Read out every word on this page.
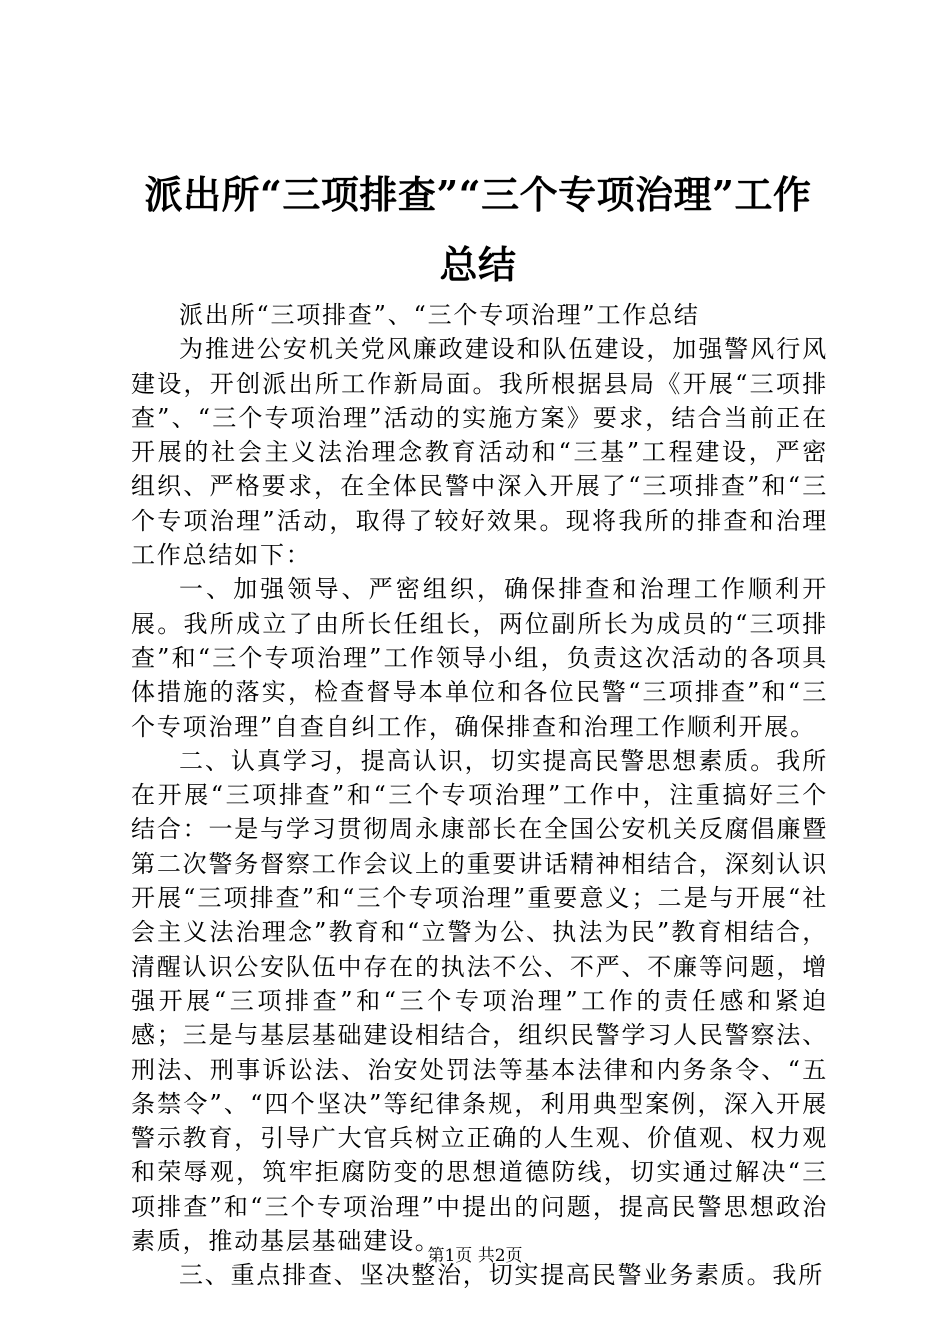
派出所“三项排查”“三个专项治理”工作总结

派出所“三项排查”、“三个专项治理”工作总结

为推进公安机关党风廉政建设和队伍建设，加强警风行风建设，开创派出所工作新局面。我所根据县局《开展“三项排查”、“三个专项治理”活动的实施方案》要求，结合当前正在开展的社会主义法治理念教育活动和“三基”工程建设，严密组织、严格要求，在全体民警中深入开展了“三项排查”和“三个专项治理”活动，取得了较好效果。现将我所的排查和治理工作总结如下：

一、加强领导、严密组织，确保排查和治理工作顺利开展。我所成立了由所长任组长，两位副所长为成员的“三项排查”和“三个专项治理”工作领导小组，负责这次活动的各项具体措施的落实，检查督导本单位和各位民警“三项排查”和“三个专项治理”自查自纠工作，确保排查和治理工作顺利开展。

二、认真学习，提高认识，切实提高民警思想素质。我所在开展“三项排查”和“三个专项治理”工作中，注重搞好三个结合：一是与学习贯彻周永康部长在全国公安机关反腐倡廉暨第二次警务督察工作会议上的重要讲话精神相结合，深刻认识开展“三项排查”和“三个专项治理”重要意义；二是与开展“社会主义法治理念”教育和“立警为公、执法为民”教育相结合，清醒认识公安队伍中存在的执法不公、不严、不廉等问题，增强开展“三项排查”和“三个专项治理”工作的责任感和紧迫感；三是与基层基础建设相结合，组织民警学习人民警察法、刑法、刑事诉讼法、治安处罚法等基本法律和内务条令、“五条禁令”、“四个坚决”等纪律条规，利用典型案例，深入开展警示教育，引导广大官兵树立正确的人生观、价值观、权力观和荣辱观，筑牢拒腐防变的思想道德防线，切实通过解决“三项排查”和“三个专项治理”中提出的问题，提高民警思想政治素质，推动基层基础建设。

三、重点排查、坚决整治，切实提高民警业务素质。我所

第1页 共2页
